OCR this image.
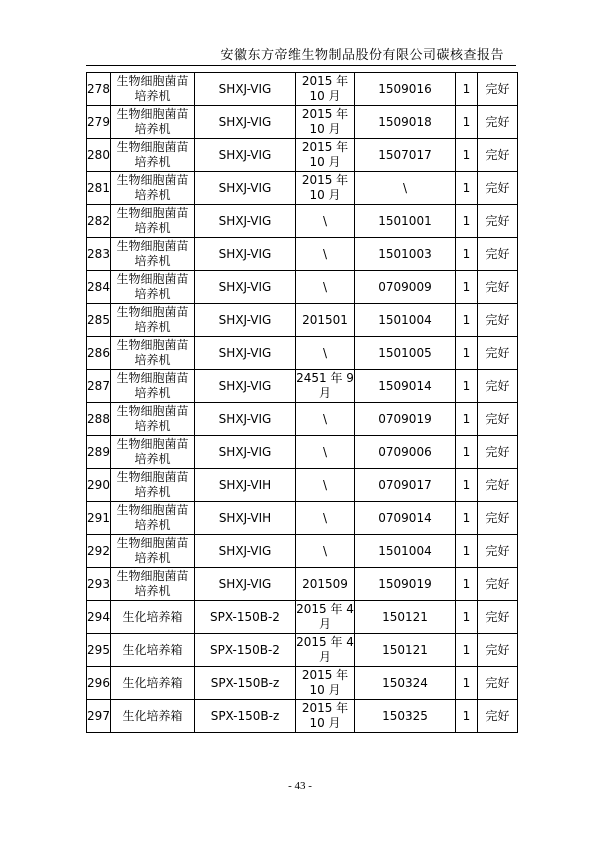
安徽东方帝维生物制品股份有限公司碳核查报告
278	生物细胞菌苗培养机	SHXJ-VIG	2015 年 10 月	1509016	1	完好
279	生物细胞菌苗培养机	SHXJ-VIG	2015 年 10 月	1509018	1	完好
280	生物细胞菌苗培养机	SHXJ-VIG	2015 年 10 月	1507017	1	完好
281	生物细胞菌苗培养机	SHXJ-VIG	2015 年 10 月	\	1	完好
282	生物细胞菌苗培养机	SHXJ-VIG	\	1501001	1	完好
283	生物细胞菌苗培养机	SHXJ-VIG	\	1501003	1	完好
284	生物细胞菌苗培养机	SHXJ-VIG	\	0709009	1	完好
285	生物细胞菌苗培养机	SHXJ-VIG	201501	1501004	1	完好
286	生物细胞菌苗培养机	SHXJ-VIG	\	1501005	1	完好
287	生物细胞菌苗培养机	SHXJ-VIG	2451 年 9 月	1509014	1	完好
288	生物细胞菌苗培养机	SHXJ-VIG	\	0709019	1	完好
289	生物细胞菌苗培养机	SHXJ-VIG	\	0709006	1	完好
290	生物细胞菌苗培养机	SHXJ-VIH	\	0709017	1	完好
291	生物细胞菌苗培养机	SHXJ-VIH	\	0709014	1	完好
292	生物细胞菌苗培养机	SHXJ-VIG	\	1501004	1	完好
293	生物细胞菌苗培养机	SHXJ-VIG	201509	1509019	1	完好
294	生化培养箱	SPX-150B-2	2015 年 4 月	150121	1	完好
295	生化培养箱	SPX-150B-2	2015 年 4 月	150121	1	完好
296	生化培养箱	SPX-150B-z	2015 年 10 月	150324	1	完好
297	生化培养箱	SPX-150B-z	2015 年 10 月	150325	1	完好
- 43 -
